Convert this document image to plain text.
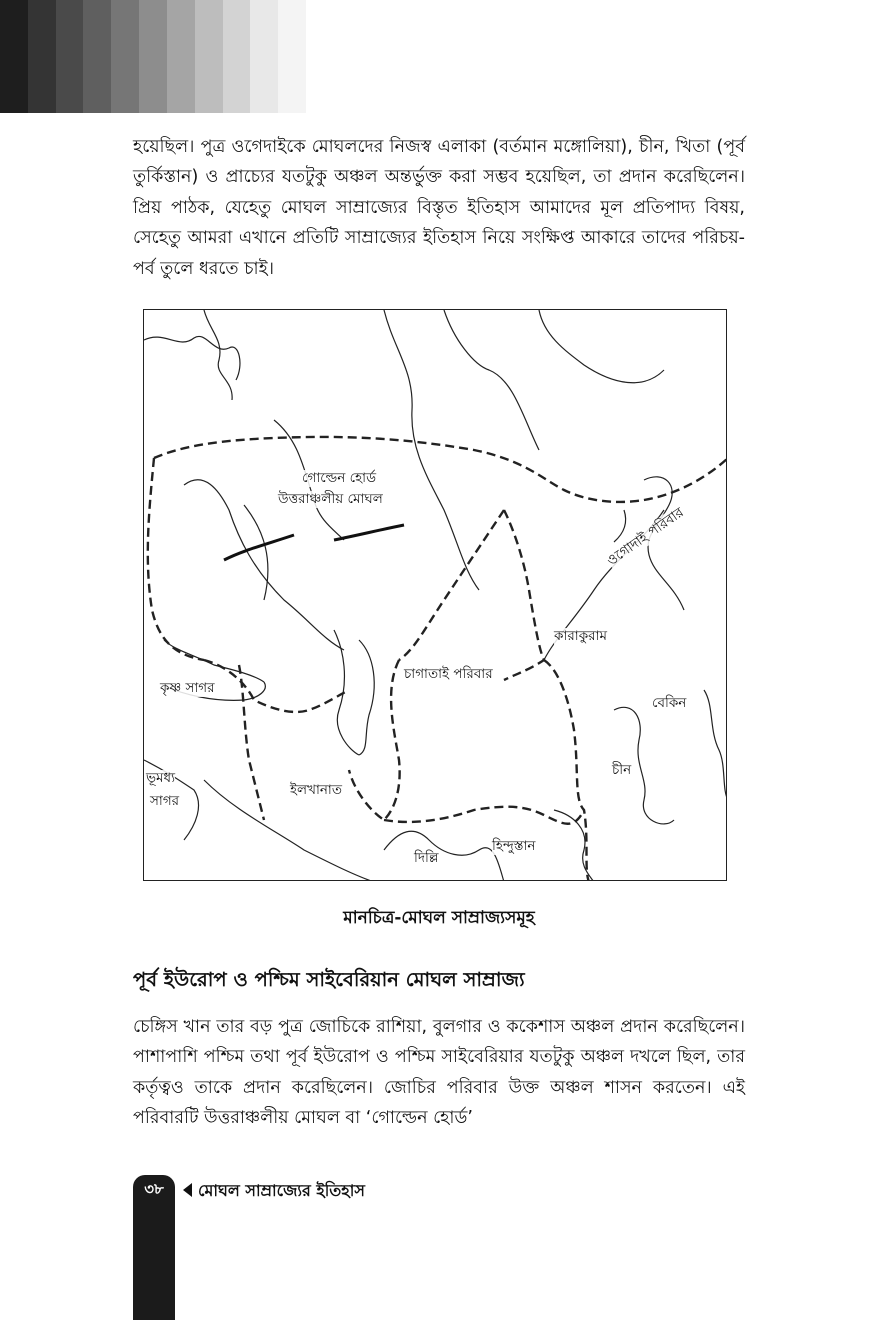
হয়েছিল। পুত্র ওগেদাইকে মোঘলদের নিজস্ব এলাকা (বর্তমান মঙ্গোলিয়া), চীন, খিতা (পূর্ব তুর্কিস্তান) ও প্রাচ্যের যতটুকু অঞ্চল অন্তর্ভুক্ত করা সম্ভব হয়েছিল, তা প্রদান করেছিলেন। প্রিয় পাঠক, যেহেতু মোঘল সাম্রাজ্যের বিস্তৃত ইতিহাস আমাদের মূল প্রতিপাদ্য বিষয়, সেহেতু আমরা এখানে প্রতিটি সাম্রাজ্যের ইতিহাস নিয়ে সংক্ষিপ্ত আকারে তাদের পরিচয়-পর্ব তুলে ধরতে চাই।

গোল্ডেন হোর্ড
উত্তরাঞ্চলীয় মোঘল
ওগোদাই পরিবার
কারাকুরাম
চাগাতাই পরিবার
কৃষ্ণ সাগর
বেকিন
ভূমধ্য
সাগর
ইলখানাত
চীন
হিন্দুস্তান
দিল্লি
মানচিত্র-মোঘল সাম্রাজ্যসমূহ
পূর্ব ইউরোপ ও পশ্চিম সাইবেরিয়ান মোঘল সাম্রাজ্য

চেঙ্গিস খান তার বড় পুত্র জোচিকে রাশিয়া, বুলগার ও ককেশাস অঞ্চল প্রদান করেছিলেন। পাশাপাশি পশ্চিম তথা পূর্ব ইউরোপ ও পশ্চিম সাইবেরিয়ার যতটুকু অঞ্চল দখলে ছিল, তার কর্তৃত্বও তাকে প্রদান করেছিলেন। জোচির পরিবার উক্ত অঞ্চল শাসন করতেন। এই পরিবারটি উত্তরাঞ্চলীয় মোঘল বা ‘গোল্ডেন হোর্ড’

৩৮	মোঘল সাম্রাজ্যের ইতিহাস
